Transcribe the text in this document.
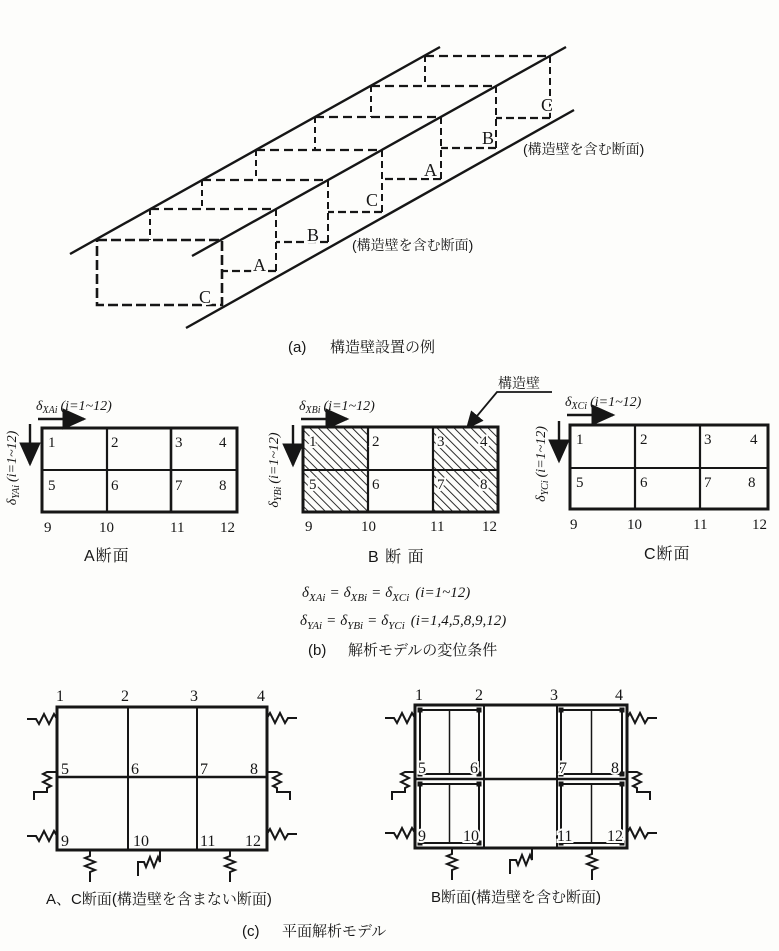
C
A
B
C
A
B
C
(構造壁を含む断面)
(構造壁を含む断面)
(a) 構造壁設置の例
$\delta_{XAi}$ (i=1~12)
$\delta_{YAi}(i=1\sim 12)$ 1	2	3 4
5	6	7 8
9	10	11 12
A断面
構造壁
$\delta_{XBi}$ (i=1~12)
$\delta_{YBi}(i=1\sim 12)$ 1	2	3 4
5	6	7 8
9	10	11	12
B 断 面
$\delta_{XCi}$ (i=1~12)
$\delta_{YCi}(i=1\sim 12)$ 1	2	3	4
5	6	7 8
9	10	11	12
C断面
$\delta_{XAi} = \delta_{XBi} = \delta_{XCi}$ (i=1~12)
$\delta_{YAi} = \delta_{YBi} = \delta_{YCi}$ (i=1,4,5,8,9,12)
(b) 解析モデルの変位条件
1	2	3	4
5	6	7	8
9	10	11 12
A、C断面(構造壁を含まない断面)
1	2	3	4
5	6	7	8
9 10	11 12
B断面(構造壁を含む断面)
(c) 平面解析モデル
